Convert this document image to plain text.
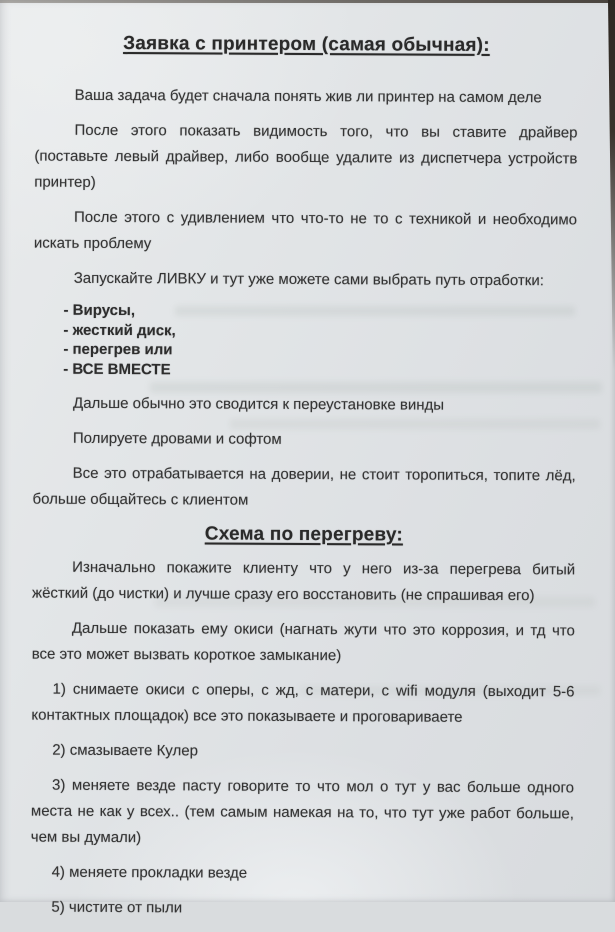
Заявка с принтером (самая обычная):

Ваша задача будет сначала понять жив ли принтер на самом деле

После этого показать видимость того, что вы ставите драйвер (поставьте левый драйвер, либо вообще удалите из диспетчера устройств принтер)

После этого с удивлением что что-то не то с техникой и необходимо искать проблему

Запускайте ЛИВКУ и тут уже можете сами выбрать путь отработки:

- Вирусы,
- жесткий диск,
- перегрев или
- ВСЕ ВМЕСТЕ

Дальше обычно это сводится к переустановке винды

Полируете дровами и софтом

Все это отрабатывается на доверии, не стоит торопиться, топите лёд, больше общайтесь с клиентом

Схема по перегреву:

Изначально покажите клиенту что у него из-за перегрева битый жёсткий (до чистки) и лучше сразу его восстановить (не спрашивая его)

Дальше показать ему окиси (нагнать жути что это коррозия, и тд что все это может вызвать короткое замыкание)

1) снимаете окиси с оперы, с жд, с матери, с wifi модуля (выходит 5-6 контактных площадок) все это показываете и проговариваете

2) смазываете Кулер

3) меняете везде пасту говорите то что мол о тут у вас больше одного места не как у всех.. (тем самым намекая на то, что тут уже работ больше, чем вы думали)

4) меняете прокладки везде

5) чистите от пыли
